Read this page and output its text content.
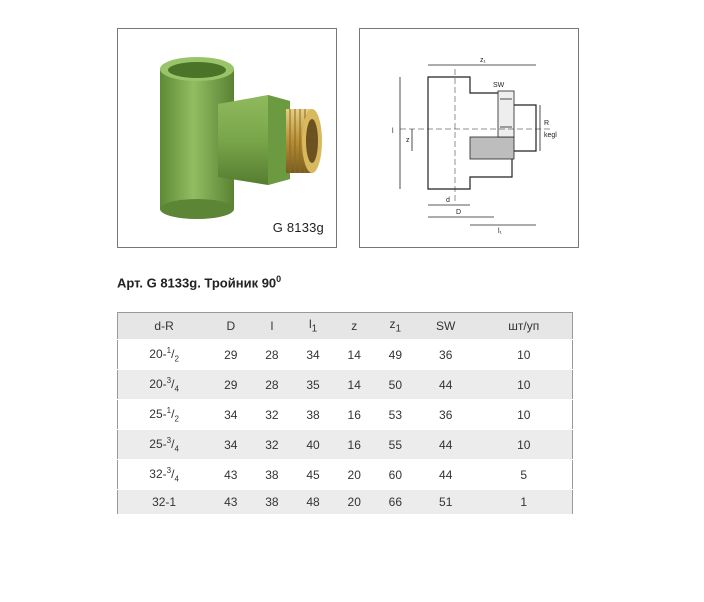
G 8133g
z₁
SW
l
z
R
kegl
d
D
l₁
Арт. G 8133g. Тройник $90^0$
d-R	D	l	$l_1$	z	$z_1$	SW	шт/уп
$20-^1/_2$	29	28	34	14	49	36	10
$20-^3/_4$	29	28	35	14	50	44	10
$25-^1/_2$	34	32	38	16	53	36	10
$25-^3/_4$	34	32	40	16	55	44	10
$32-^3/_4$	43	38	45	20	60	44	5
32-1	43	38	48	20	66	51	1
